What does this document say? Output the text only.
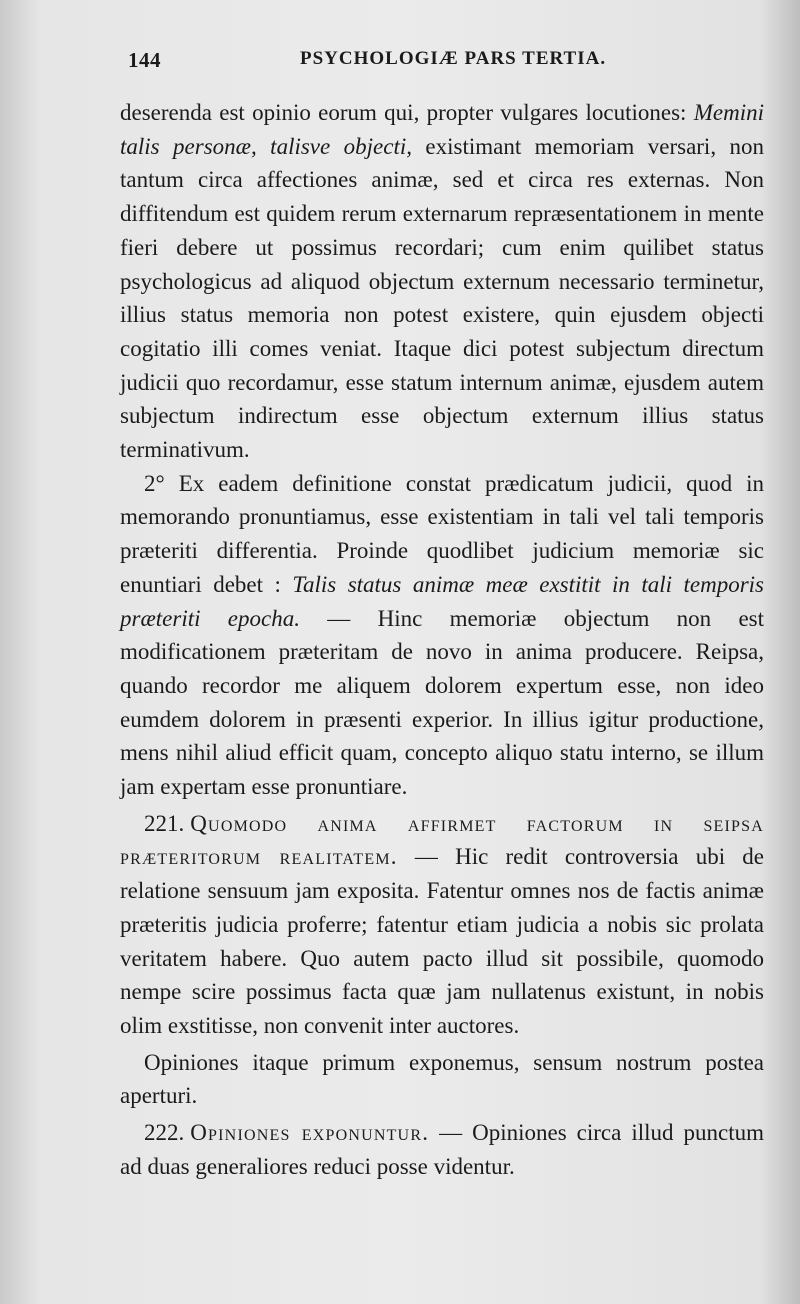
144	PSYCHOLOGIÆ PARS TERTIA.

deserenda est opinio eorum qui, propter vulgares locutiones: Memini talis personæ, talisve objecti, existimant memoriam versari, non tantum circa affectiones animæ, sed et circa res externas. Non diffitendum est quidem rerum externarum repræsentationem in mente fieri debere ut possimus recordari; cum enim quilibet status psychologicus ad aliquod objectum externum necessario terminetur, illius status memoria non potest existere, quin ejusdem objecti cogitatio illi comes veniat. Itaque dici potest subjectum directum judicii quo recordamur, esse statum internum animæ, ejusdem autem subjectum indirectum esse objectum externum illius status terminativum.

2° Ex eadem definitione constat prædicatum judicii, quod in memorando pronuntiamus, esse existentiam in tali vel tali temporis præteriti differentia. Proinde quodlibet judicium memoriæ sic enuntiari debet : Talis status animæ meæ exstitit in tali temporis præteriti epocha. — Hinc memoriæ objectum non est modificationem præteritam de novo in anima producere. Reipsa, quando recordor me aliquem dolorem expertum esse, non ideo eumdem dolorem in præsenti experior. In illius igitur productione, mens nihil aliud efficit quam, concepto aliquo statu interno, se illum jam expertam esse pronuntiare.

221. Quomodo anima affirmet factorum in seipsa præteritorum realitatem. — Hic redit controversia ubi de relatione sensuum jam exposita. Fatentur omnes nos de factis animæ præteritis judicia proferre; fatentur etiam judicia a nobis sic prolata veritatem habere. Quo autem pacto illud sit possibile, quomodo nempe scire possimus facta quæ jam nullatenus existunt, in nobis olim exstitisse, non convenit inter auctores.

Opiniones itaque primum exponemus, sensum nostrum postea aperturi.

222. Opiniones exponuntur. — Opiniones circa illud punctum ad duas generaliores reduci posse videntur.
